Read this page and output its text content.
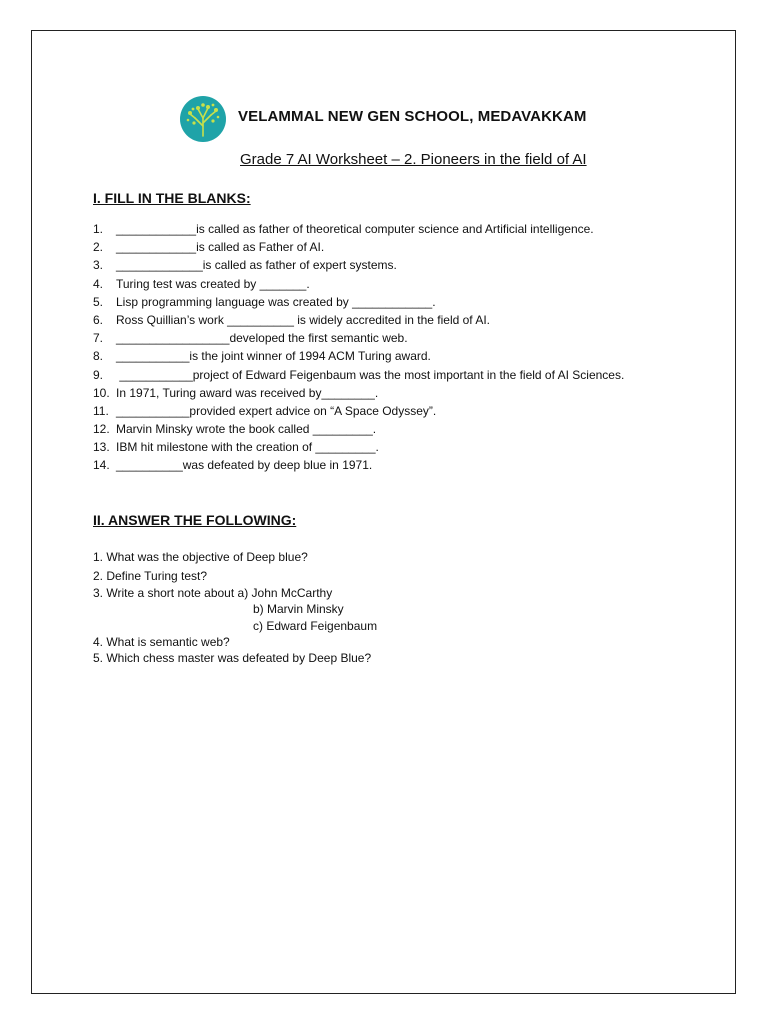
VELAMMAL NEW GEN SCHOOL, MEDAVAKKAM
Grade 7 AI Worksheet – 2. Pioneers in the field of AI
I. FILL IN THE BLANKS:
1. ____________is called as father of theoretical computer science and Artificial intelligence.
2. ____________is called as Father of AI.
3. _____________is called as father of expert systems.
4. Turing test was created by _______.
5. Lisp programming language was created by ____________.
6. Ross Quillian’s work __________ is widely accredited in the field of AI.
7. _________________developed the first semantic web.
8. ___________is the joint winner of 1994 ACM Turing award.
9. ___________project of Edward Feigenbaum was the most important in the field of AI Sciences.
10. In 1971, Turing award was received by________.
11. ___________provided expert advice on “A Space Odyssey”.
12. Marvin Minsky wrote the book called _________.
13. IBM hit milestone with the creation of _________.
14. __________was defeated by deep blue in 1971.
II. ANSWER THE FOLLOWING:
1. What was the objective of Deep blue?
2. Define Turing test?
3. Write a short note about a) John McCarthy
b) Marvin Minsky
c) Edward Feigenbaum
4. What is semantic web?
5. Which chess master was defeated by Deep Blue?
